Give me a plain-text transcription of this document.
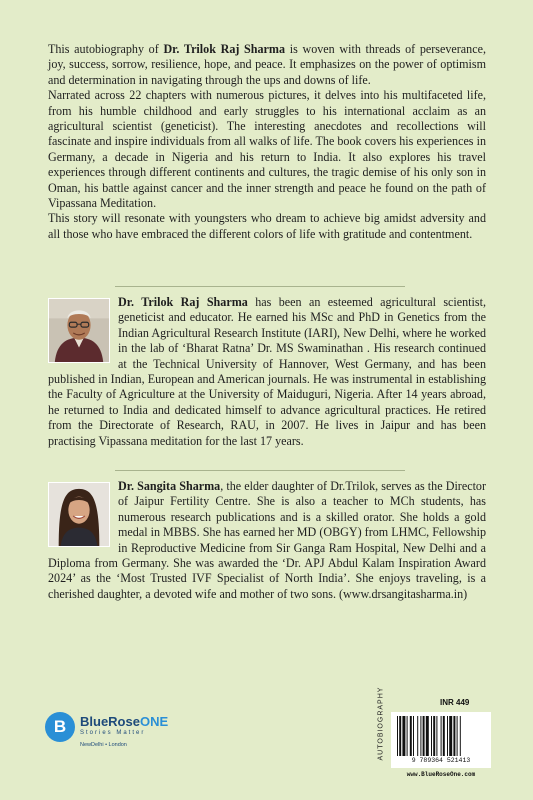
This autobiography of Dr. Trilok Raj Sharma is woven with threads of perseverance, joy, success, sorrow, resilience, hope, and peace. It emphasizes on the power of optimism and determination in navigating through the ups and downs of life.

Narrated across 22 chapters with numerous pictures, it delves into his multifaceted life, from his humble childhood and early struggles to his international acclaim as an agricultural scientist (geneticist). The interesting anecdotes and recollections will fascinate and inspire individuals from all walks of life. The book covers his experiences in Germany, a decade in Nigeria and his return to India. It also explores his travel experiences through different continents and cultures, the tragic demise of his only son in Oman, his battle against cancer and the inner strength and peace he found on the path of Vipassana Meditation.

This story will resonate with youngsters who dream to achieve big amidst adversity and all those who have embraced the different colors of life with gratitude and contentment.

Dr. Trilok Raj Sharma has been an esteemed agricultural scientist, geneticist and educator. He earned his MSc and PhD in Genetics from the Indian Agricultural Research Institute (IARI), New Delhi, where he worked in the lab of ‘Bharat Ratna’ Dr. MS Swaminathan . His research continued at the Technical University of Hannover, West Germany, and has been published in Indian, European and American journals. He was instrumental in establishing the Faculty of Agriculture at the University of Maiduguri, Nigeria. After 14 years abroad, he returned to India and dedicated himself to advance agricultural practices. He retired from the Directorate of Research, RAU, in 2007. He lives in Jaipur and has been practising Vipassana meditation for the last 17 years.
Dr. Sangita Sharma, the elder daughter of Dr.Trilok, serves as the Director of Jaipur Fertility Centre. She is also a teacher to MCh students, has numerous research publications and is a skilled orator. She holds a gold medal in MBBS. She has earned her MD (OBGY) from LHMC, Fellowship in Reproductive Medicine from Sir Ganga Ram Hospital, New Delhi and a Diploma from Germany. She was awarded the ‘Dr. APJ Abdul Kalam Inspiration Award 2024’ as the ‘Most Trusted IVF Specialist of North India’. She enjoys traveling, is a cherished daughter, a devoted wife and mother of two sons. (www.drsangitasharma.in)
B	BlueRoseONE
Stories Matter
NewDelhi • London	AUTOBIOGRAPHY	INR 449
9 789364 521413
www.BlueRoseOne.com
